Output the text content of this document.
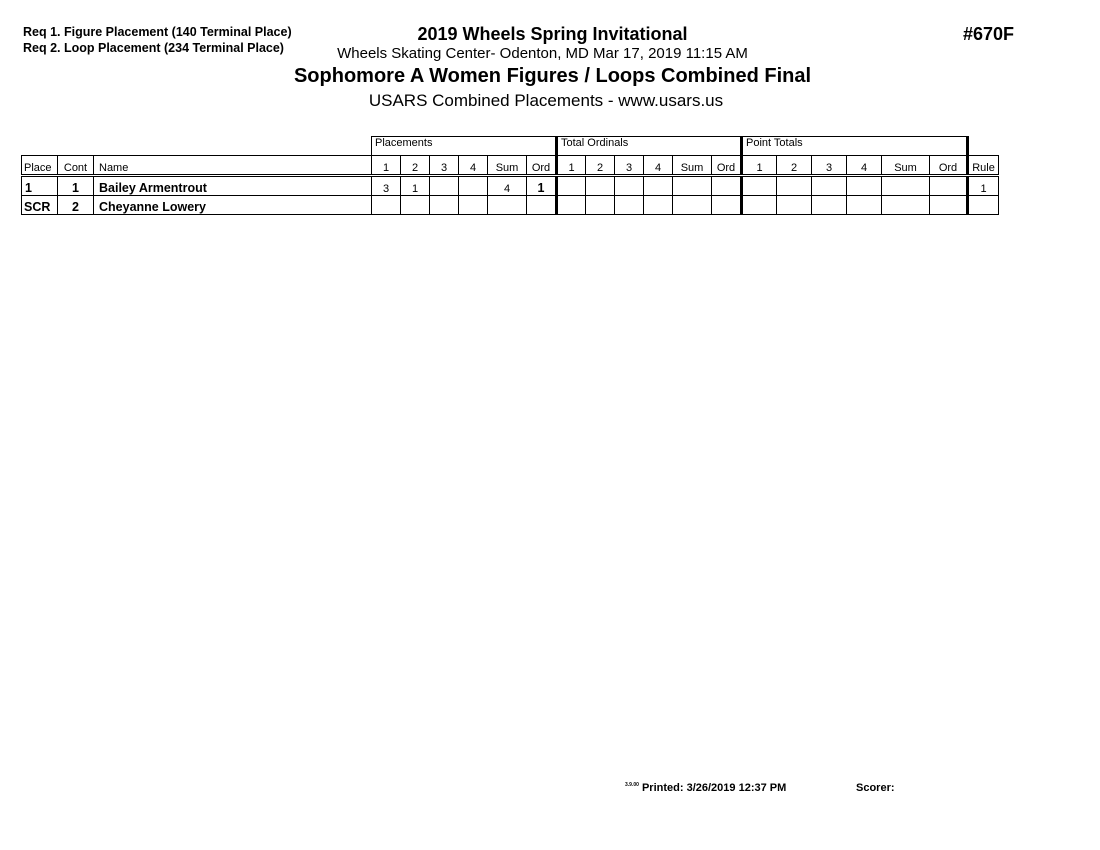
Req 1. Figure Placement (140 Terminal Place)
Req 2. Loop Placement (234 Terminal Place)
2019 Wheels Spring Invitational
Wheels Skating Center- Odenton, MD Mar 17, 2019 11:15 AM
Sophomore A Women Figures / Loops Combined Final
USARS Combined Placements - www.usars.us
#670F
			Placements						Total Ordinals						Point Totals						
Place	Cont	Name	1	2	3	4	Sum	Ord	1	2	3	4	Sum	Ord	1	2	3	4	Sum	Ord	Rule
1	1	Bailey Armentrout	3	1			4	1													1
SCR	2	Cheyanne Lowery																			
$^{3.9.00}$ Printed: 3/26/2019 12:37 PM	Scorer:
